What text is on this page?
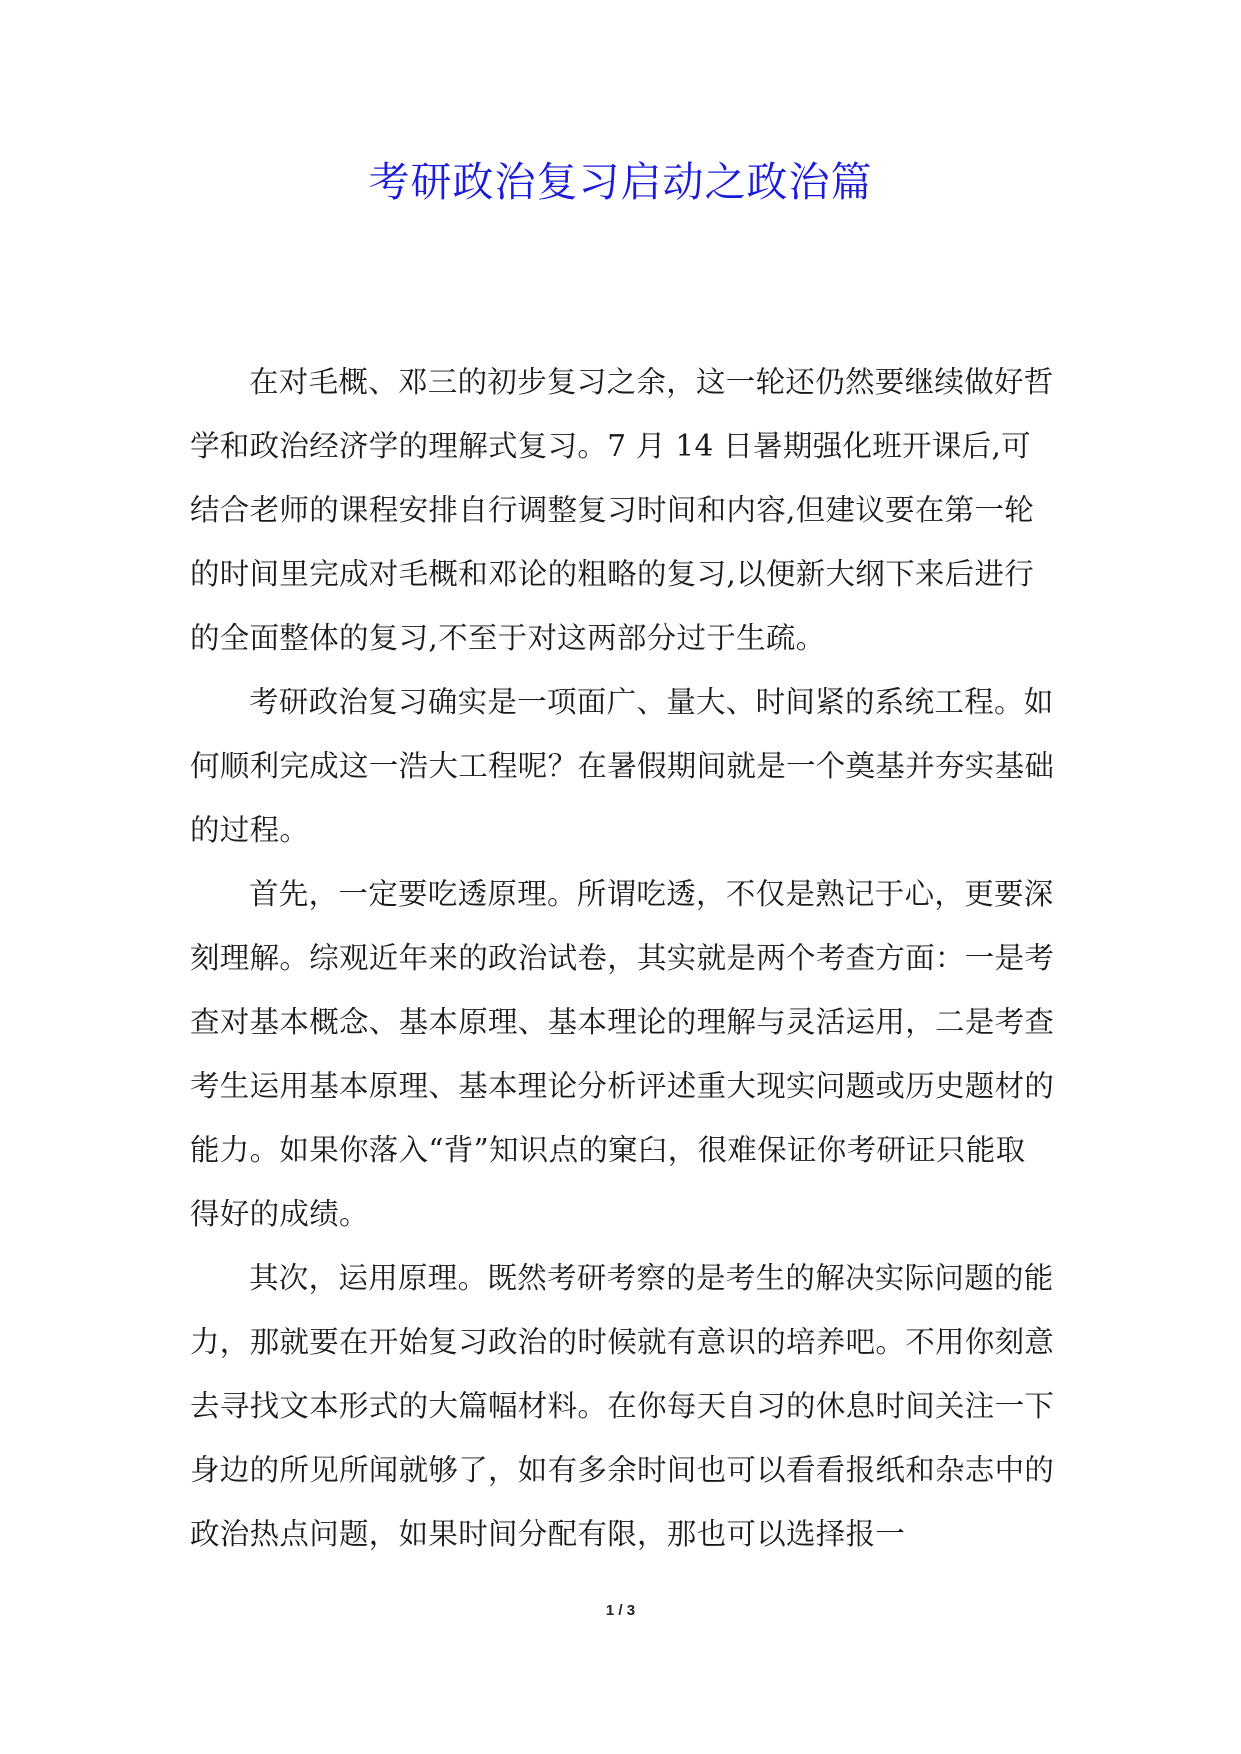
考研政治复习启动之政治篇

在对毛概、邓三的初步复习之余，这一轮还仍然要继续做好哲学和政治经济学的理解式复习。7 月 14 日暑期强化班开课后,可结合老师的课程安排自行调整复习时间和内容,但建议要在第一轮的时间里完成对毛概和邓论的粗略的复习,以便新大纲下来后进行的全面整体的复习,不至于对这两部分过于生疏。

考研政治复习确实是一项面广、量大、时间紧的系统工程。如何顺利完成这一浩大工程呢？在暑假期间就是一个奠基并夯实基础的过程。

首先，一定要吃透原理。所谓吃透，不仅是熟记于心，更要深刻理解。综观近年来的政治试卷，其实就是两个考查方面：一是考查对基本概念、基本原理、基本理论的理解与灵活运用，二是考查考生运用基本原理、基本理论分析评述重大现实问题或历史题材的能力。如果你落入“背”知识点的窠臼，很难保证你考研证只能取得好的成绩。

其次，运用原理。既然考研考察的是考生的解决实际问题的能力，那就要在开始复习政治的时候就有意识的培养吧。不用你刻意去寻找文本形式的大篇幅材料。在你每天自习的休息时间关注一下身边的所见所闻就够了，如有多余时间也可以看看报纸和杂志中的政治热点问题，如果时间分配有限，那也可以选择报一

1 / 3
